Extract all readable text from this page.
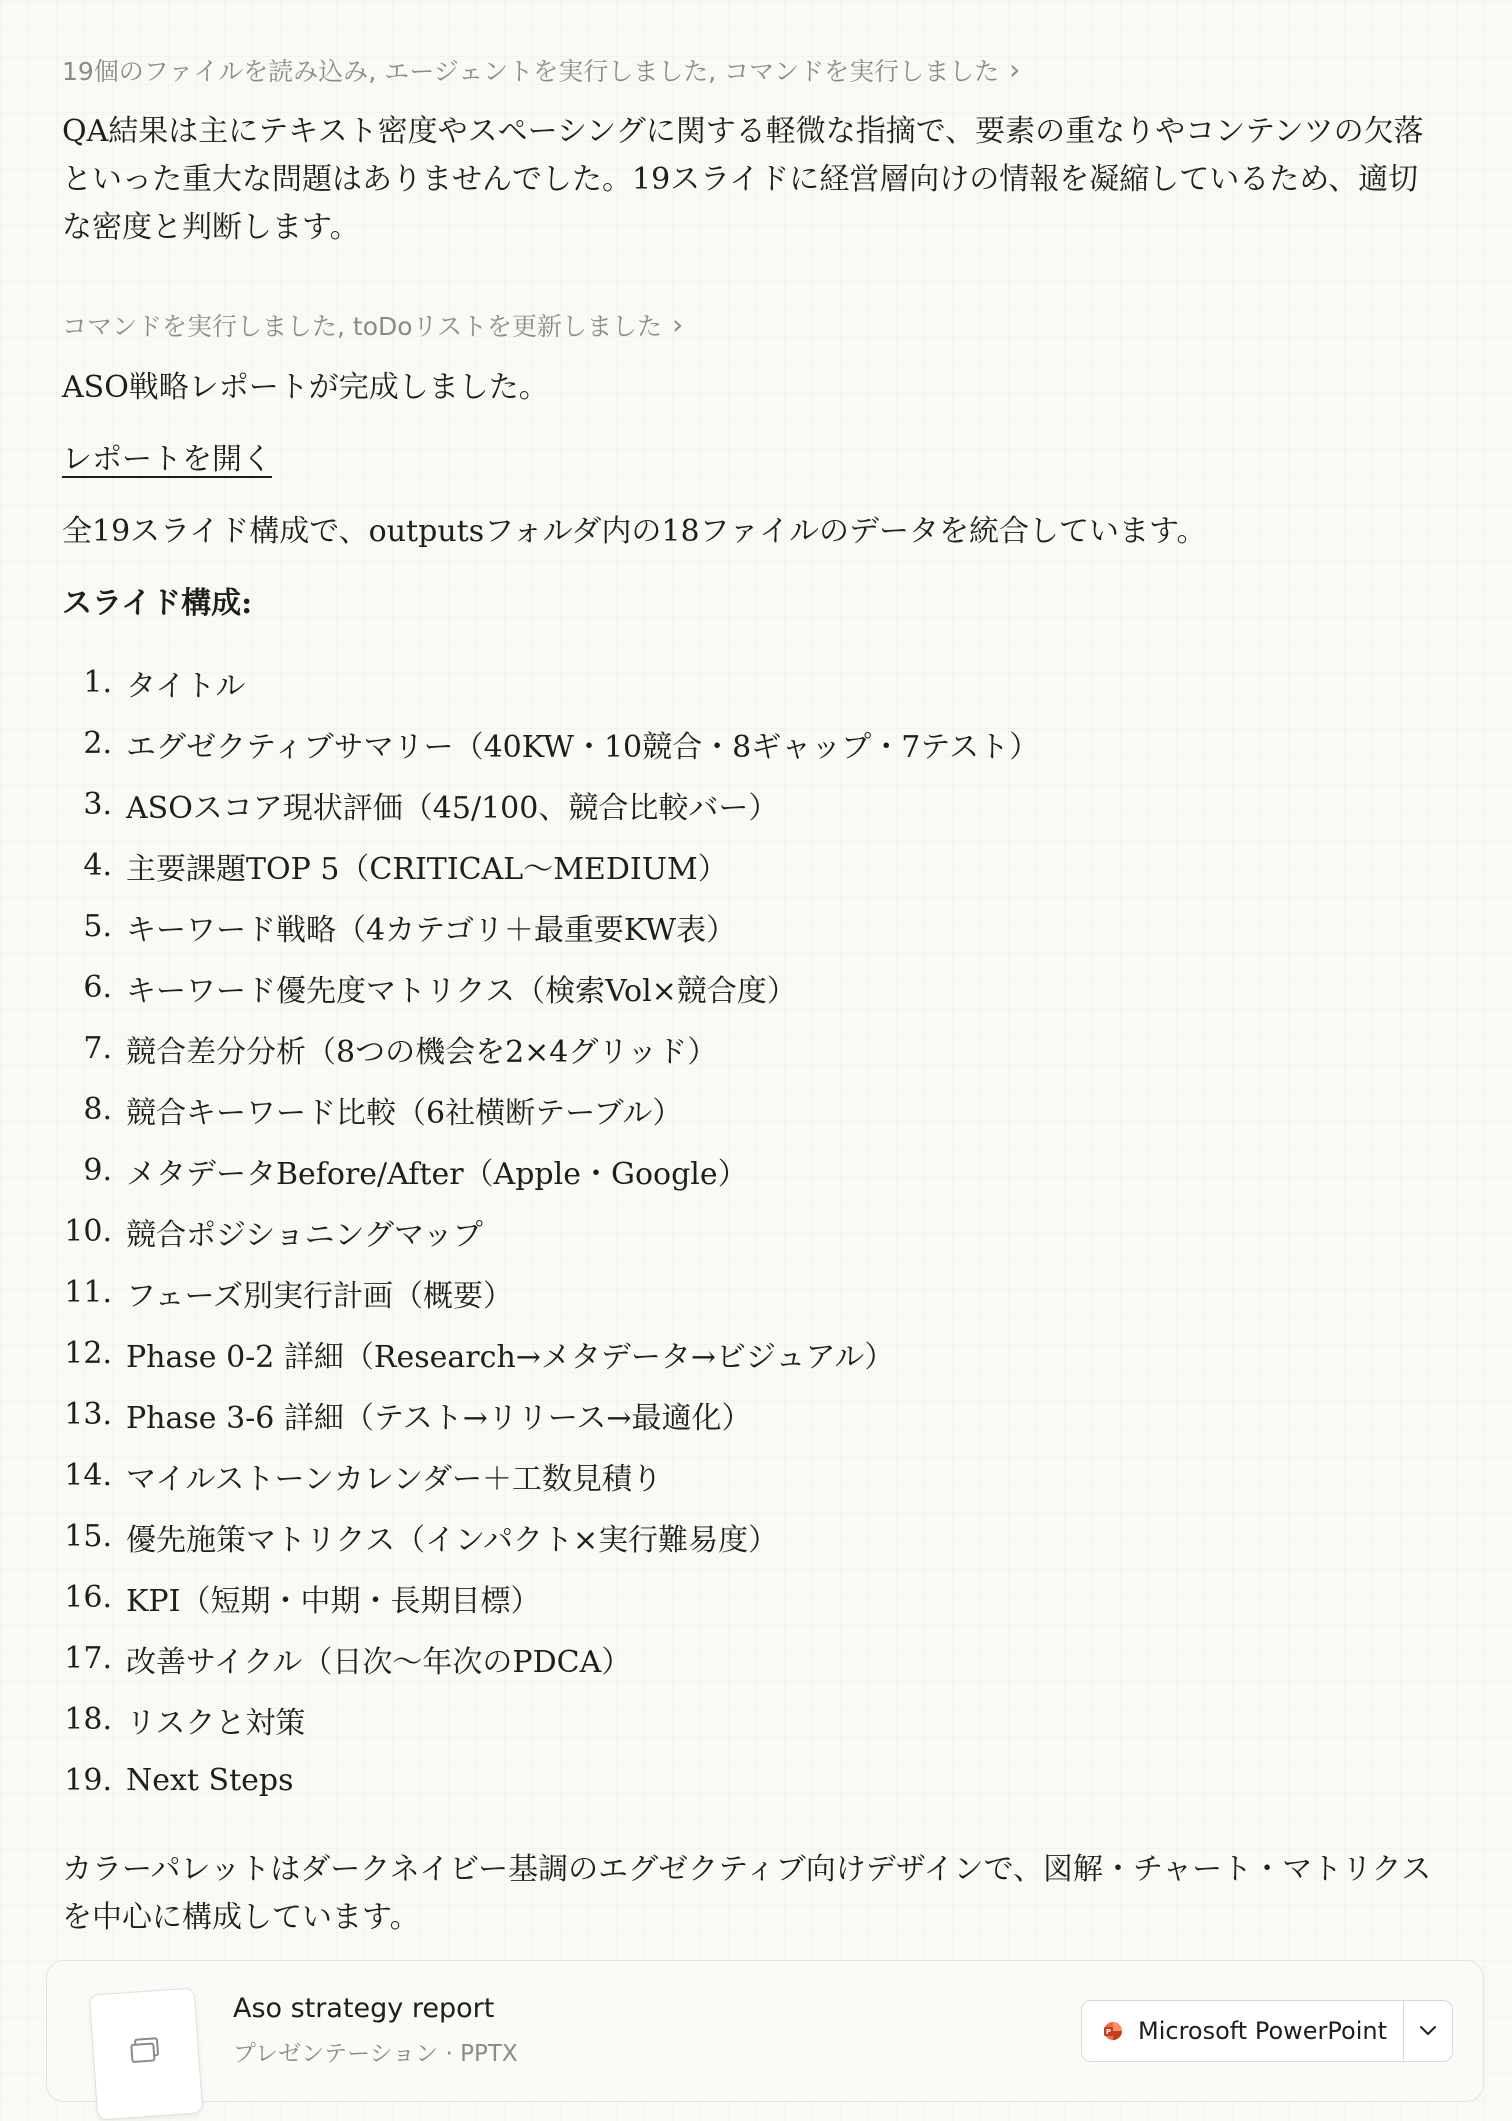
19個のファイルを読み込み, エージェントを実行しました, コマンドを実行しました ›

QA結果は主にテキスト密度やスペーシングに関する軽微な指摘で、要素の重なりやコンテンツの欠落といった重大な問題はありませんでした。19スライドに経営層向けの情報を凝縮しているため、適切な密度と判断します。

コマンドを実行しました, toDoリストを更新しました ›

ASO戦略レポートが完成しました。

レポートを開く

全19スライド構成で、outputsフォルダ内の18ファイルのデータを統合しています。

スライド構成:

1. タイトル
2. エグゼクティブサマリー（40KW・10競合・8ギャップ・7テスト）
3. ASOスコア現状評価（45/100、競合比較バー）
4. 主要課題TOP 5（CRITICAL〜MEDIUM）
5. キーワード戦略（4カテゴリ＋最重要KW表）
6. キーワード優先度マトリクス（検索Vol×競合度）
7. 競合差分分析（8つの機会を2×4グリッド）
8. 競合キーワード比較（6社横断テーブル）
9. メタデータBefore/After（Apple・Google）
10. 競合ポジショニングマップ
11. フェーズ別実行計画（概要）
12. Phase 0-2 詳細（Research→メタデータ→ビジュアル）
13. Phase 3-6 詳細（テスト→リリース→最適化）
14. マイルストーンカレンダー＋工数見積り
15. 優先施策マトリクス（インパクト×実行難易度）
16. KPI（短期・中期・長期目標）
17. 改善サイクル（日次〜年次のPDCA）
18. リスクと対策
19. Next Steps

カラーパレットはダークネイビー基調のエグゼクティブ向けデザインで、図解・チャート・マトリクスを中心に構成しています。

Aso strategy report
プレゼンテーション · PPTX
P Microsoft PowerPoint
